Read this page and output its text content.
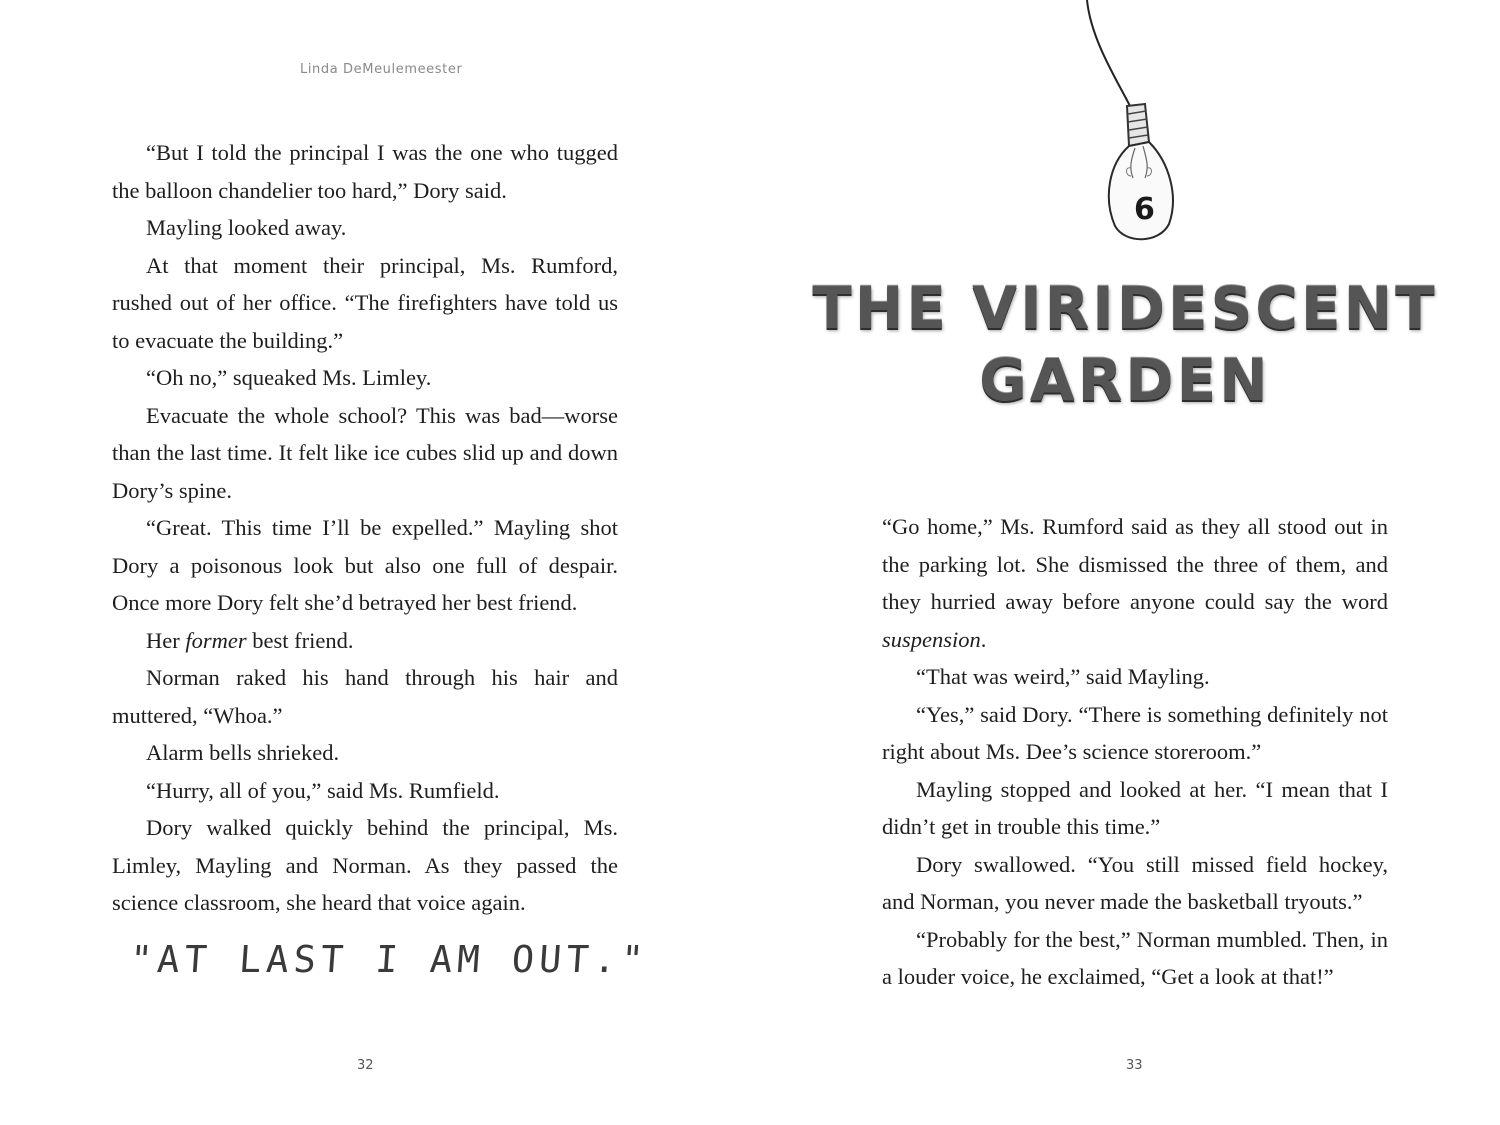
Linda DeMeulemeester

“But I told the principal I was the one who tugged the balloon chandelier too hard,” Dory said.

Mayling looked away.

At that moment their principal, Ms. Rumford, rushed out of her office. “The firefighters have told us to evacuate the building.”

“Oh no,” squeaked Ms. Limley.

Evacuate the whole school? This was bad—worse than the last time. It felt like ice cubes slid up and down Dory’s spine.

“Great. This time I’ll be expelled.” Mayling shot Dory a poisonous look but also one full of despair. Once more Dory felt she’d betrayed her best friend.

Her former best friend.

Norman raked his hand through his hair and muttered, “Whoa.”

Alarm bells shrieked.

“Hurry, all of you,” said Ms. Rumfield.

Dory walked quickly behind the principal, Ms. Limley, Mayling and Norman. As they passed the science classroom, she heard that voice again.

"AT LAST I AM OUT."
32
6
THE VIRIDESCENT
GARDEN

“Go home,” Ms. Rumford said as they all stood out in the parking lot. She dismissed the three of them, and they hurried away before anyone could say the word suspension.

“That was weird,” said Mayling.

“Yes,” said Dory. “There is something definitely not right about Ms. Dee’s science storeroom.”

Mayling stopped and looked at her. “I mean that I didn’t get in trouble this time.”

Dory swallowed. “You still missed field hockey, and Norman, you never made the basketball tryouts.”

“Probably for the best,” Norman mumbled. Then, in a louder voice, he exclaimed, “Get a look at that!”

33
